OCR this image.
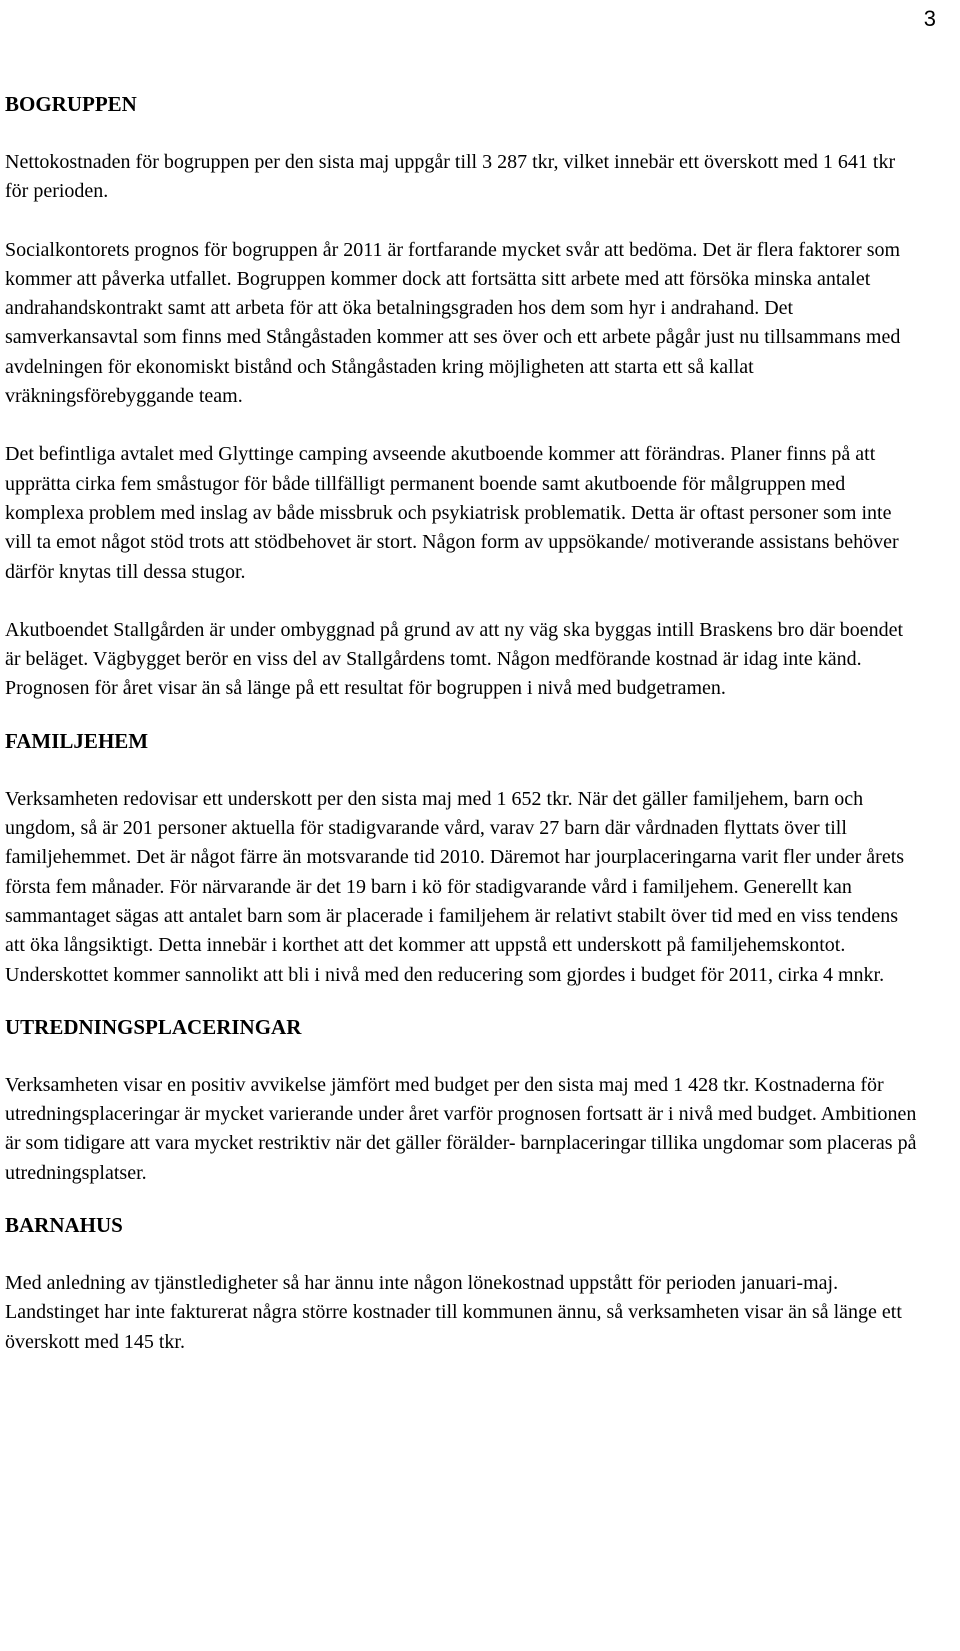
3
BOGRUPPEN

Nettokostnaden för bogruppen per den sista maj uppgår till 3 287 tkr, vilket innebär ett överskott med 1 641 tkr för perioden.

Socialkontorets prognos för bogruppen år 2011 är fortfarande mycket svår att bedöma. Det är flera faktorer som kommer att påverka utfallet. Bogruppen kommer dock att fortsätta sitt arbete med att försöka minska antalet andrahandskontrakt samt att arbeta för att öka betalningsgraden hos dem som hyr i andrahand. Det samverkansavtal som finns med Stångåstaden kommer att ses över och ett arbete pågår just nu tillsammans med avdelningen för ekonomiskt bistånd och Stångåstaden kring möjligheten att starta ett så kallat vräkningsförebyggande team.

Det befintliga avtalet med Glyttinge camping avseende akutboende kommer att förändras. Planer finns på att upprätta cirka fem småstugor för både tillfälligt permanent boende samt akutboende för målgruppen med komplexa problem med inslag av både missbruk och psykiatrisk problematik. Detta är oftast personer som inte vill ta emot något stöd trots att stödbehovet är stort. Någon form av uppsökande/ motiverande assistans behöver därför knytas till dessa stugor.

Akutboendet Stallgården är under ombyggnad på grund av att ny väg ska byggas intill Braskens bro där boendet är beläget. Vägbygget berör en viss del av Stallgårdens tomt. Någon medförande kostnad är idag inte känd. Prognosen för året visar än så länge på ett resultat för bogruppen i nivå med budgetramen.

FAMILJEHEM

Verksamheten redovisar ett underskott per den sista maj med 1 652 tkr. När det gäller familjehem, barn och ungdom, så är 201 personer aktuella för stadigvarande vård, varav 27 barn där vårdnaden flyttats över till familjehemmet. Det är något färre än motsvarande tid 2010. Däremot har jourplaceringarna varit fler under årets första fem månader. För närvarande är det 19 barn i kö för stadigvarande vård i familjehem. Generellt kan sammantaget sägas att antalet barn som är placerade i familjehem är relativt stabilt över tid med en viss tendens att öka långsiktigt. Detta innebär i korthet att det kommer att uppstå ett underskott på familjehemskontot. Underskottet kommer sannolikt att bli i nivå med den reducering som gjordes i budget för 2011, cirka 4 mnkr.

UTREDNINGSPLACERINGAR

Verksamheten visar en positiv avvikelse jämfört med budget per den sista maj med 1 428 tkr. Kostnaderna för utredningsplaceringar är mycket varierande under året varför prognosen fortsatt är i nivå med budget. Ambitionen är som tidigare att vara mycket restriktiv när det gäller förälder- barnplaceringar tillika ungdomar som placeras på utredningsplatser.

BARNAHUS

Med anledning av tjänstledigheter så har ännu inte någon lönekostnad uppstått för perioden januari-maj. Landstinget har inte fakturerat några större kostnader till kommunen ännu, så verksamheten visar än så länge ett överskott med 145 tkr.
